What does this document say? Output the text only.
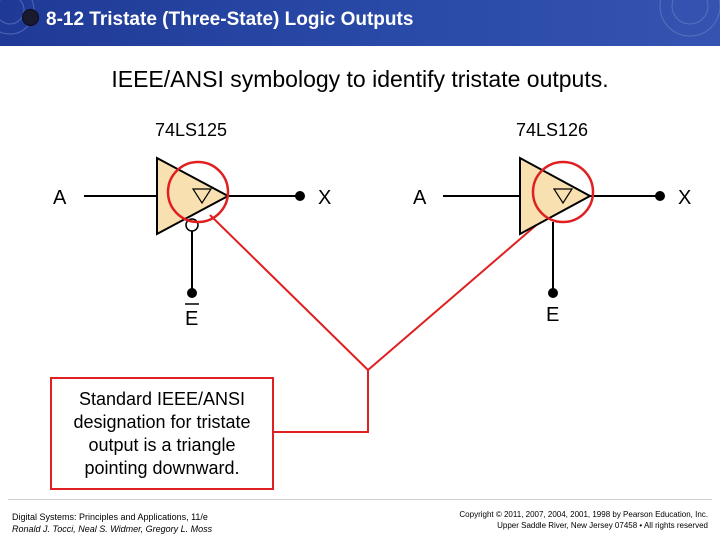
8-12 Tristate (Three-State) Logic Outputs
IEEE/ANSI symbology to identify tristate outputs.
74LS125
A	X
E
74LS126
A	X
E
Standard IEEE/ANSI designation for tristate output is a triangle pointing downward.
Digital Systems: Principles and Applications, 11/e
Ronald J. Tocci, Neal S. Widmer, Gregory L. Moss
Copyright © 2011, 2007, 2004, 2001, 1998 by Pearson Education, Inc.
Upper Saddle River, New Jersey 07458 • All rights reserved
